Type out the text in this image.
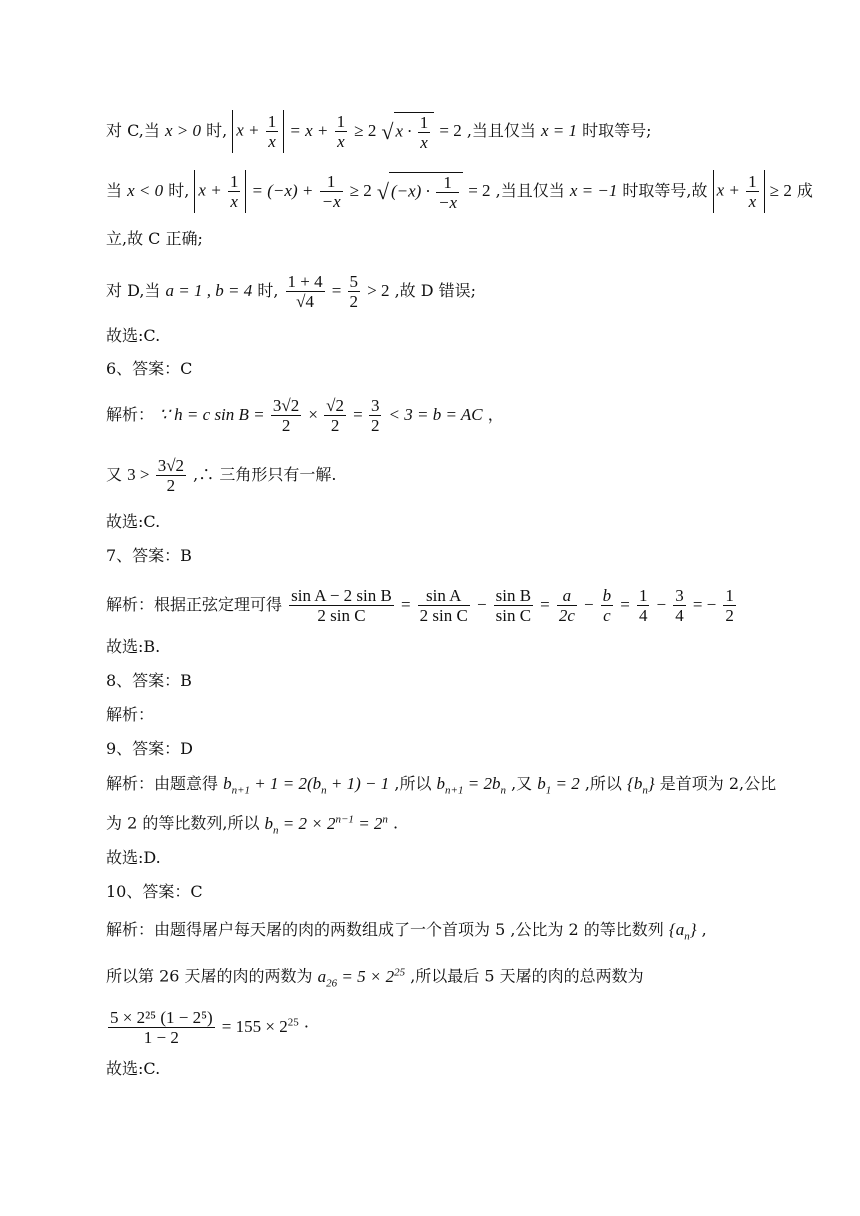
对 C,当 x > 0 时, $x + \frac{1}{x} = x + \frac{1}{x} \ge 2$ √ $x \cdot \frac{1}{x} = 2$ ,当且仅当 x = 1 时取等号;
当 x < 0 时, $x + \frac{1}{x} = (-x) + \frac{1}{-x} \ge 2$ √ $(-x) \cdot \frac{1}{-x} = 2$ ,当且仅当 x = −1 时取等号,故 $x + \frac{1}{x} \ge 2$ 成
立,故 C 正确;
对 D,当 a = 1 , b = 4 时, $\frac{1 + 4}{√4} = \frac{5}{2} > 2$ ,故 D 错误;
故选:C.
6、答案：C
解析： ∵ h = c $\sin B = \frac{3√2}{2} \times \frac{√2}{2} = \frac{3}{2} < 3 = b$ = AC ，
又 $3 > \frac{3√2}{2}$ ,∴ 三角形只有一解.
故选:C.
7、答案：B
解析：根据正弦定理可得 $\frac{\text{sin A − 2 sin B}}{\text{2 sin C}} = \frac{\text{sin A}}{\text{2 sin C}} - \frac{\text{sin B}}{\text{sin C}} = \frac{a}{2c} - \frac{b}{c} = \frac{1}{4} - \frac{3}{4}$ = − $\frac{1}{2}$
故选:B.
8、答案：B
解析：
9、答案：D
解析：由题意得 $b_{n+1} + 1 = 2(b_n + 1) - 1$ ,所以 $b_{n+1} = 2b_n$ ,又 $b_1 = 2$ ,所以 $\{b_n\}$ 是首项为 2,公比
为 2 的等比数列,所以 $b_n = 2 \times 2^{n-1} = 2^n$ .
故选:D.
10、答案：C
解析：由题得屠户每天屠的肉的两数组成了一个首项为 5 ,公比为 2 的等比数列 $\{a_n\}$ ,
所以第 26 天屠的肉的两数为 $a_{26} = 5 \times 2^{25}$ ,所以最后 5 天屠的肉的总两数为
$\frac{\text{5 × 2²⁵ (1 − 2⁵)}}{1 - 2} = 155 \times 2^{25}$ ·
故选:C.
